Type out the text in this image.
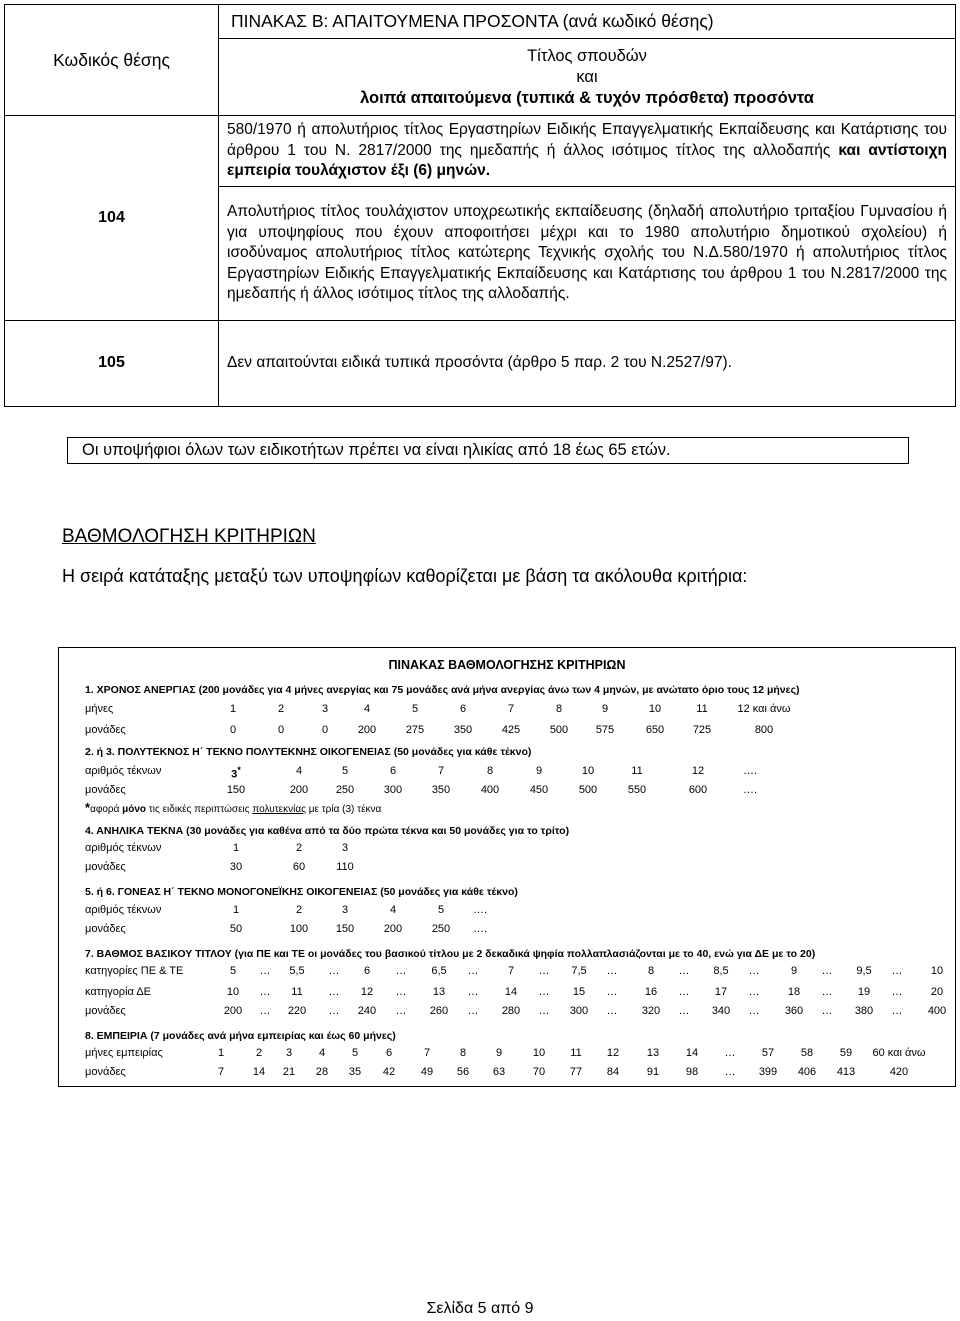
Κωδικός θέσης	ΠΙΝΑΚΑΣ Β: ΑΠΑΙΤΟΥΜΕΝΑ ΠΡΟΣΟΝΤΑ (ανά κωδικό θέσης)

	Τίτλος σπουδών
και
λοιπά απαιτούμενα (τυπικά & τυχόν πρόσθετα) προσόντα

104	580/1970 ή απολυτήριος τίτλος Εργαστηρίων Ειδικής Επαγγελματικής Εκπαίδευσης και Κατάρτισης του άρθρου 1 του Ν. 2817/2000 της ημεδαπής ή άλλος ισότιμος τίτλος της αλλοδαπής και αντίστοιχη εμπειρία τουλάχιστον έξι (6) μηνών.
	Απολυτήριος τίτλος τουλάχιστον υποχρεωτικής εκπαίδευσης (δηλαδή απολυτήριο τριταξίου Γυμνασίου ή για υποψηφίους που έχουν αποφοιτήσει μέχρι και το 1980 απολυτήριο δημοτικού σχολείου) ή ισοδύναμος απολυτήριος τίτλος κατώτερης Τεχνικής σχολής του Ν.Δ.580/1970 ή απολυτήριος τίτλος Εργαστηρίων Ειδικής Επαγγελματικής Εκπαίδευσης και Κατάρτισης του άρθρου 1 του Ν.2817/2000 της ημεδαπής ή άλλος ισότιμος τίτλος της αλλοδαπής.
105	Δεν απαιτούνται ειδικά τυπικά προσόντα (άρθρο 5 παρ. 2 του Ν.2527/97).
Οι υποψήφιοι όλων των ειδικοτήτων πρέπει να είναι ηλικίας από 18 έως 65 ετών.
ΒΑΘΜΟΛΟΓΗΣΗ ΚΡΙΤΗΡΙΩΝ
Η σειρά κατάταξης μεταξύ των υποψηφίων καθορίζεται με βάση τα ακόλουθα κριτήρια:
ΠΙΝΑΚΑΣ ΒΑΘΜΟΛΟΓΗΣΗΣ ΚΡΙΤΗΡΙΩΝ
1. ΧΡΟΝΟΣ ΑΝΕΡΓΙΑΣ (200 μονάδες για 4 μήνες ανεργίας και 75 μονάδες ανά μήνα ανεργίας άνω των 4 μηνών, με ανώτατο όριο τους 12 μήνες)
μήνες	1	2	3	4	5	6	7	8	9	10	11	12 και άνω
μονάδες	0	0	0	200	275	350	425	500	575	650	725	800
2. ή 3. ΠΟΛΥΤΕΚΝΟΣ Η΄ ΤΕΚΝΟ ΠΟΛΥΤΕΚΝΗΣ ΟΙΚΟΓΕΝΕΙΑΣ (50 μονάδες για κάθε τέκνο)
αριθμός τέκνων	3*	4	5	6	7	8	9	10	11	12	….
μονάδες	150	200	250	300	350	400	450	500	550	600	….
*αφορά μόνο τις ειδικές περιπτώσεις πολυτεκνίας με τρία (3) τέκνα
4. ΑΝΗΛΙΚΑ ΤΕΚΝΑ (30 μονάδες για καθένα από τα δύο πρώτα τέκνα και 50 μονάδες για το τρίτο)
αριθμός τέκνων	1	2	3
μονάδες	30	60	110
5. ή 6. ΓΟΝΕΑΣ Η΄ ΤΕΚΝΟ ΜΟΝΟΓΟΝΕΪΚΗΣ ΟΙΚΟΓΕΝΕΙΑΣ (50 μονάδες για κάθε τέκνο)
αριθμός τέκνων	1	2	3	4	5	….
μονάδες	50	100	150	200	250	….
7. ΒΑΘΜΟΣ ΒΑΣΙΚΟΥ ΤΙΤΛΟΥ (για ΠΕ και ΤΕ οι μονάδες του βασικού τίτλου με 2 δεκαδικά ψηφία πολλαπλασιάζονται με το 40, ενώ για ΔΕ με το 20)
κατηγορίες ΠΕ & ΤΕ	5	…	5,5	…	6	…	6,5	…	7	…	7,5	…	8	…	8,5	…	9	…	9,5	…	10
κατηγορία ΔΕ	10	…	11	…	12	…	13	…	14	…	15	…	16	…	17	…	18	…	19	…	20
μονάδες	200	…	220	…	240	…	260	…	280	…	300	…	320	…	340	…	360	…	380	…	400
8. ΕΜΠΕΙΡΙΑ (7 μονάδες ανά μήνα εμπειρίας και έως 60 μήνες)
μήνες εμπειρίας	1	2	3	4	5	6	7	8	9	10	11	12	13	14	…	57	58	59	60 και άνω
μονάδες	7	14	21	28	35	42	49	56	63	70	77	84	91	98	…	399	406	413	420
Σελίδα 5 από 9
